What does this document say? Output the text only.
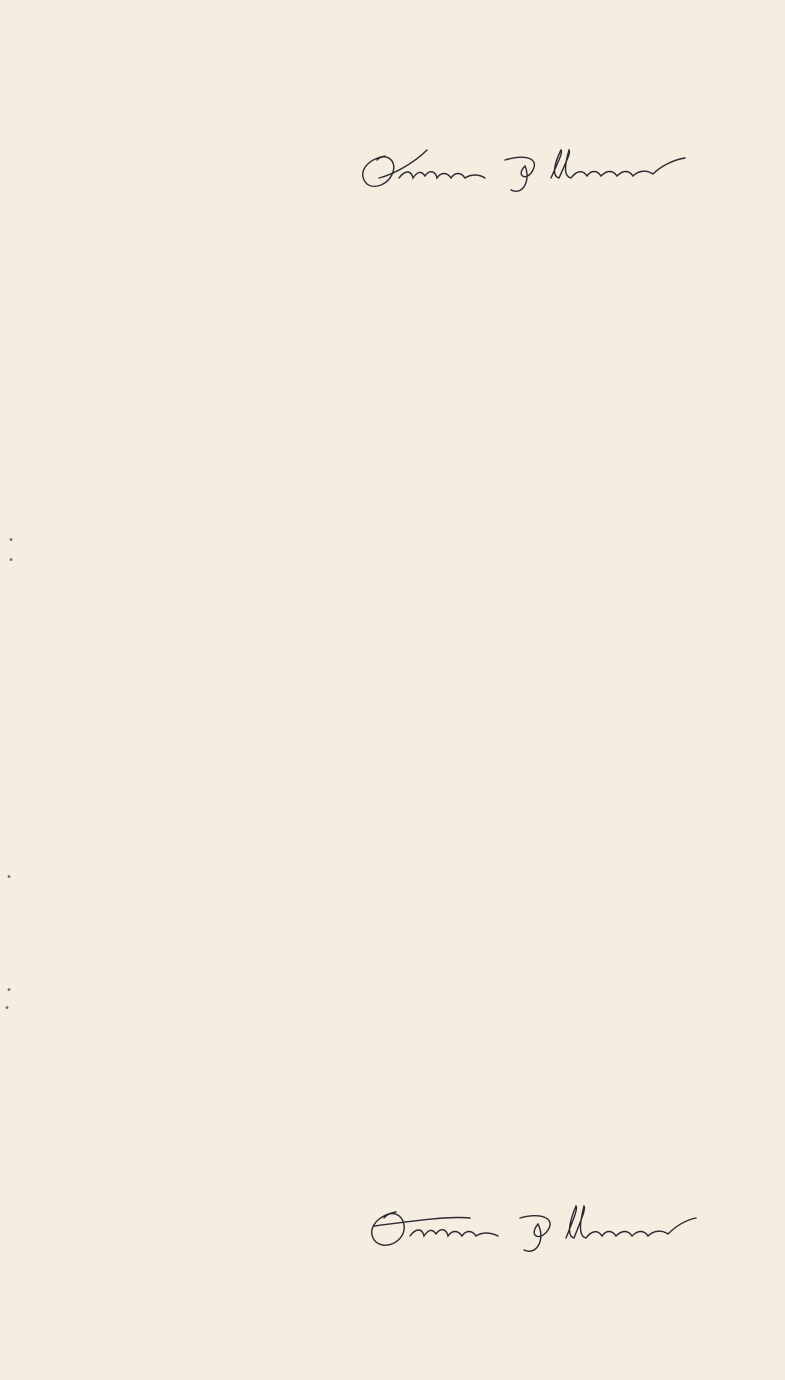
•
•
•
•
•
